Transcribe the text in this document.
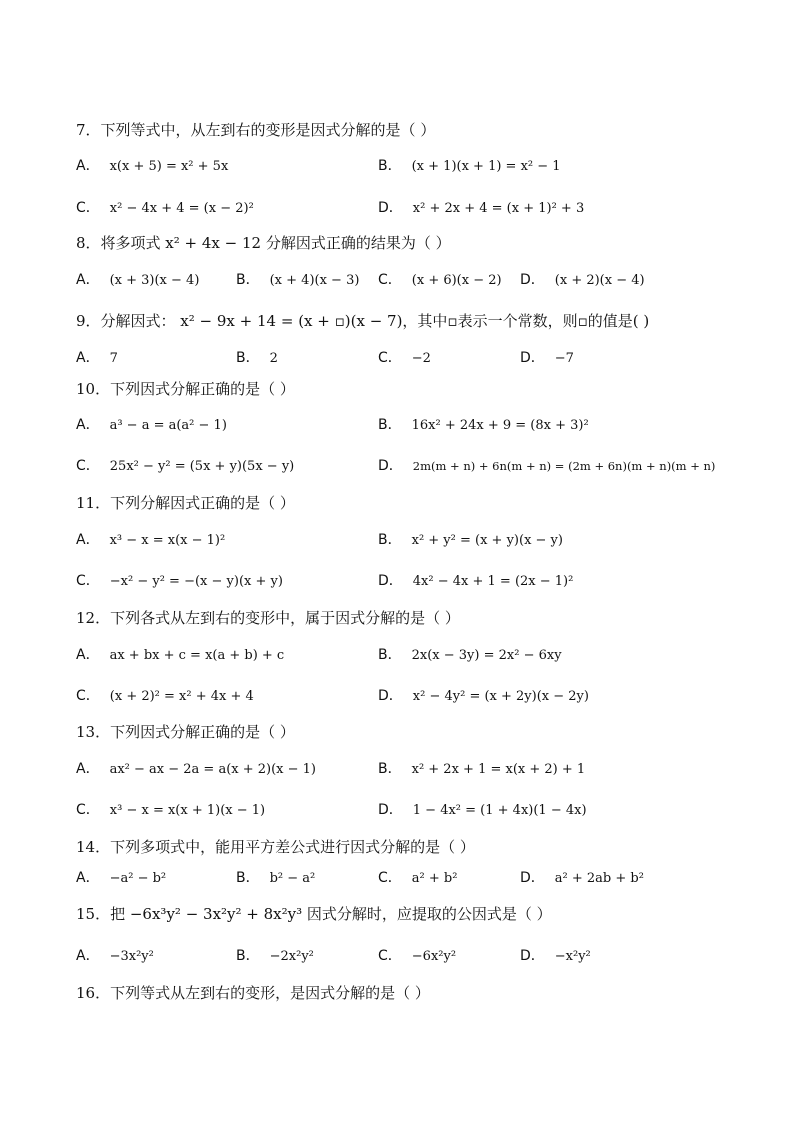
7．下列等式中，从左到右的变形是因式分解的是（ ）
A． x(x + 5) = x² + 5x	B． (x + 1)(x + 1) = x² − 1
C． x² − 4x + 4 = (x − 2)²	D． x² + 2x + 4 = (x + 1)² + 3
8．将多项式 x² + 4x − 12 分解因式正确的结果为（ ）
A． (x + 3)(x − 4)	B． (x + 4)(x − 3) C． (x + 6)(x − 2) D． (x + 2)(x − 4)
9．分解因式： x² − 9x + 14 = (x + ▫)(x − 7)，其中▫表示一个常数，则▫的值是( )
A． 7	B． 2	C． −2	D． −7
10．下列因式分解正确的是（ ）
A． a³ − a = a(a² − 1)	B． 16x² + 24x + 9 = (8x + 3)²
C． 25x² − y² = (5x + y)(5x − y)	D． 2m(m + n) + 6n(m + n) = (2m + 6n)(m + n)(m + n)
11．下列分解因式正确的是（ ）
A． x³ − x = x(x − 1)²	B． x² + y² = (x + y)(x − y)
C． −x² − y² = −(x − y)(x + y)	D． 4x² − 4x + 1 = (2x − 1)²
12．下列各式从左到右的变形中，属于因式分解的是（ ）
A． ax + bx + c = x(a + b) + c	B． 2x(x − 3y) = 2x² − 6xy
C． (x + 2)² = x² + 4x + 4	D． x² − 4y² = (x + 2y)(x − 2y)
13．下列因式分解正确的是（ ）
A． ax² − ax − 2a = a(x + 2)(x − 1)	B． x² + 2x + 1 = x(x + 2) + 1
C． x³ − x = x(x + 1)(x − 1)	D． 1 − 4x² = (1 + 4x)(1 − 4x)
14．下列多项式中，能用平方差公式进行因式分解的是（ ）
A． −a² − b²	B． b² − a²	C． a² + b²	D． a² + 2ab + b²
15．把 −6x³y² − 3x²y² + 8x²y³ 因式分解时，应提取的公因式是（ ）
A． −3x²y²	B． −2x²y²	C． −6x²y²	D． −x²y²
16．下列等式从左到右的变形，是因式分解的是（ ）
